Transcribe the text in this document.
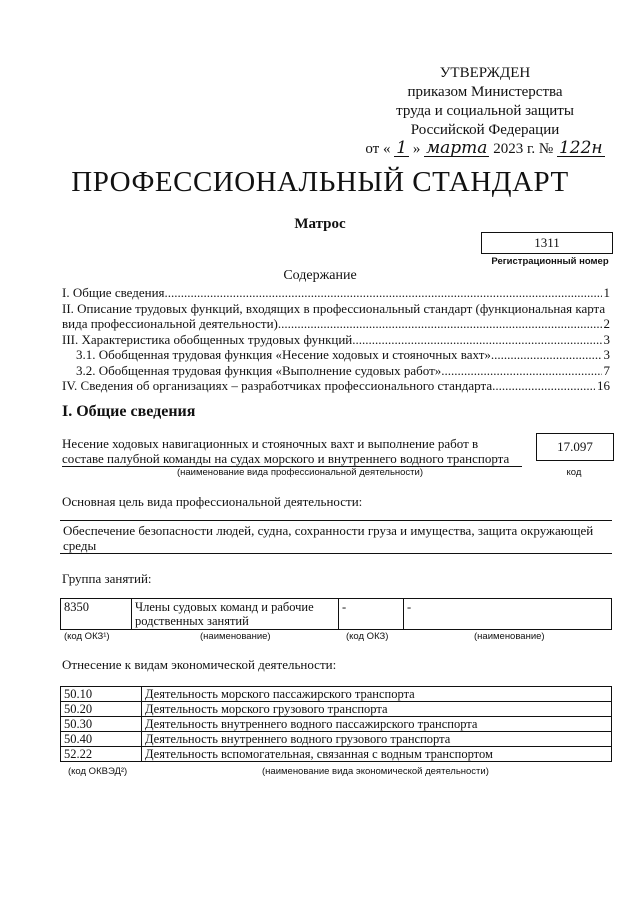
УТВЕРЖДЕН
приказом Министерства
труда и социальной защиты
Российской Федерации
от « 1 » марта 2023 г. № 122н
ПРОФЕССИОНАЛЬНЫЙ СТАНДАРТ
Матрос
1311
Регистрационный номер
Содержание
I. Общие сведения .....	1
II. Описание трудовых функций, входящих в профессиональный стандарт (функциональная карта
вида профессиональной деятельности) .....	2
III. Характеристика обобщенных трудовых функций .....	3
3.1. Обобщенная трудовая функция «Несение ходовых и стояночных вахт» .....	3
3.2. Обобщенная трудовая функция «Выполнение судовых работ» .....	7
IV. Сведения об организациях – разработчиках профессионального стандарта .....	16
I. Общие сведения
Несение ходовых навигационных и стояночных вахт и выполнение работ в составе палубной команды на судах морского и внутреннего водного транспорта
(наименование вида профессиональной деятельности)
17.097
код
Основная цель вида профессиональной деятельности:
Обеспечение безопасности людей, судна, сохранности груза и имущества, защита окружающей среды
Группа занятий:
8350	Члены судовых команд и рабочие родственных занятий	-	-
(код ОКЗ¹)	(наименование)	(код ОКЗ)	(наименование)
Отнесение к видам экономической деятельности:
50.10	Деятельность морского пассажирского транспорта
50.20	Деятельность морского грузового транспорта
50.30	Деятельность внутреннего водного пассажирского транспорта
50.40	Деятельность внутреннего водного грузового транспорта
52.22	Деятельность вспомогательная, связанная с водным транспортом
(код ОКВЭД²)	(наименование вида экономической деятельности)
